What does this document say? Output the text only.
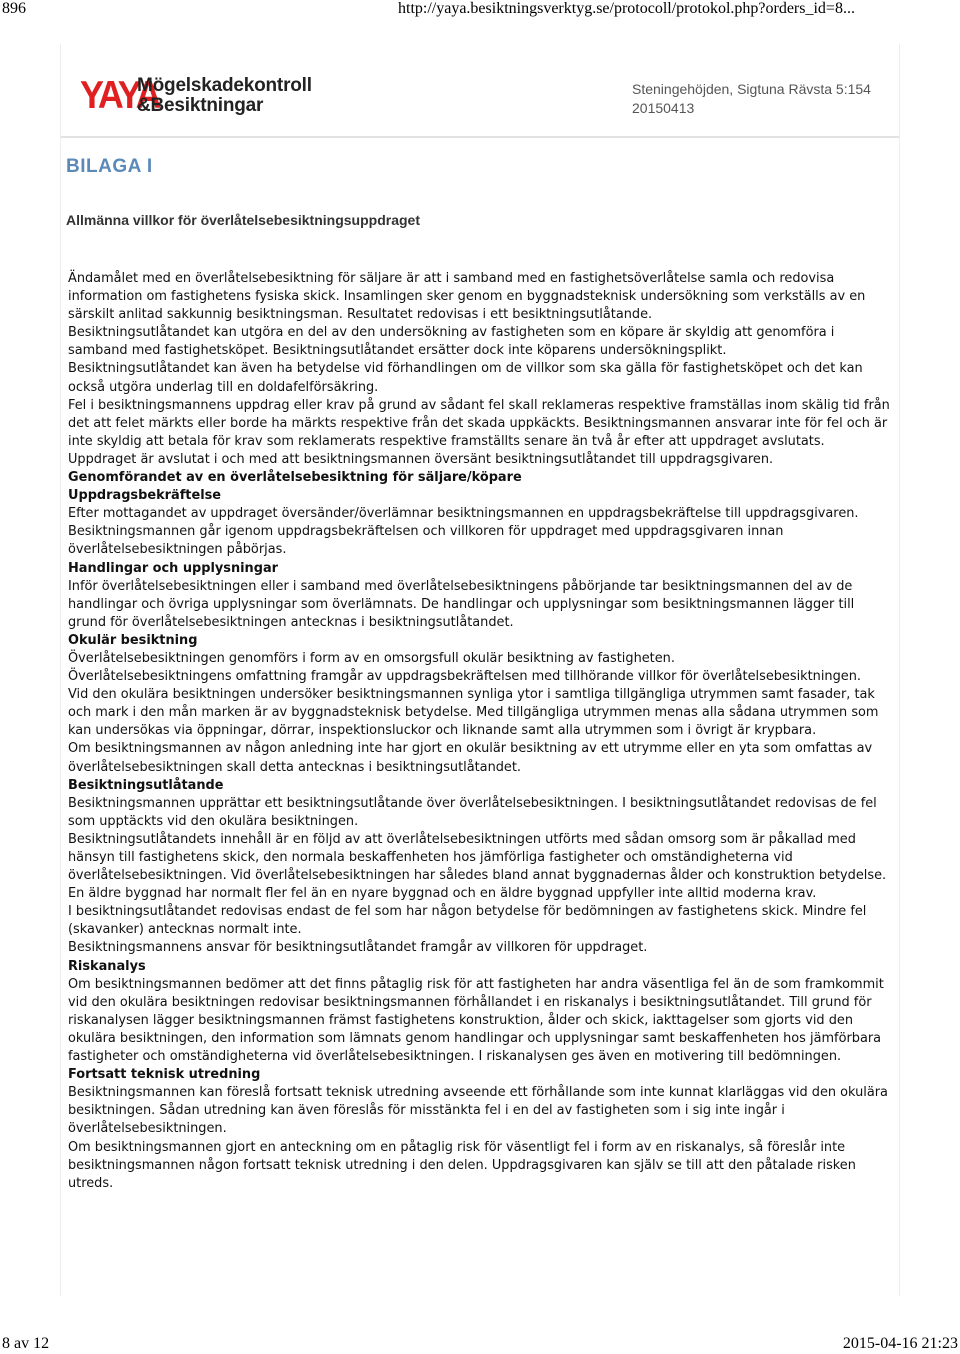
896	http://yaya.besiktningsverktyg.se/protocoll/protokol.php?orders_id=8...
YAYA
Mögelskadekontroll
&Besiktningar
Steningehöjden, Sigtuna Rävsta 5:154
20150413
BILAGA I
Allmänna villkor för överlåtelsebesiktningsuppdraget

Ändamålet med en överlåtelsebesiktning för säljare är att i samband med en fastighetsöverlåtelse samla och redovisa information om fastighetens fysiska skick. Insamlingen sker genom en byggnadsteknisk undersökning som verkställs av en särskilt anlitad sakkunnig besiktningsman. Resultatet redovisas i ett besiktningsutlåtande.

Besiktningsutlåtandet kan utgöra en del av den undersökning av fastigheten som en köpare är skyldig att genomföra i samband med fastighetsköpet. Besiktningsutlåtandet ersätter dock inte köparens undersökningsplikt.

Besiktningsutlåtandet kan även ha betydelse vid förhandlingen om de villkor som ska gälla för fastighetsköpet och det kan också utgöra underlag till en doldafelförsäkring.

Fel i besiktningsmannens uppdrag eller krav på grund av sådant fel skall reklameras respektive framställas inom skälig tid från det att felet märkts eller borde ha märkts respektive från det skada uppkäckts. Besiktningsmannen ansvarar inte för fel och är inte skyldig att betala för krav som reklamerats respektive framställts senare än två år efter att uppdraget avslutats. Uppdraget är avslutat i och med att besiktningsmannen översänt besiktningsutlåtandet till uppdragsgivaren.

Genomförandet av en överlåtelsebesiktning för säljare/köpare

Uppdragsbekräftelse

Efter mottagandet av uppdraget översänder/överlämnar besiktningsmannen en uppdragsbekräftelse till uppdragsgivaren. Besiktningsmannen går igenom uppdragsbekräftelsen och villkoren för uppdraget med uppdragsgivaren innan överlåtelsebesiktningen påbörjas.

Handlingar och upplysningar

Inför överlåtelsebesiktningen eller i samband med överlåtelsebesiktningens påbörjande tar besiktningsmannen del av de handlingar och övriga upplysningar som överlämnats. De handlingar och upplysningar som besiktningsmannen lägger till grund för överlåtelsebesiktningen antecknas i besiktningsutlåtandet.

Okulär besiktning

Överlåtelsebesiktningen genomförs i form av en omsorgsfull okulär besiktning av fastigheten.

Överlåtelsebesiktningens omfattning framgår av uppdragsbekräftelsen med tillhörande villkor för överlåtelsebesiktningen.

Vid den okulära besiktningen undersöker besiktningsmannen synliga ytor i samtliga tillgängliga utrymmen samt fasader, tak och mark i den mån marken är av byggnadsteknisk betydelse. Med tillgängliga utrymmen menas alla sådana utrymmen som kan undersökas via öppningar, dörrar, inspektionsluckor och liknande samt alla utrymmen som i övrigt är krypbara.

Om besiktningsmannen av någon anledning inte har gjort en okulär besiktning av ett utrymme eller en yta som omfattas av överlåtelsebesiktningen skall detta antecknas i besiktningsutlåtandet.

Besiktningsutlåtande

Besiktningsmannen upprättar ett besiktningsutlåtande över överlåtelsebesiktningen. I besiktningsutlåtandet redovisas de fel som upptäckts vid den okulära besiktningen.

Besiktningsutlåtandets innehåll är en följd av att överlåtelsebesiktningen utförts med sådan omsorg som är påkallad med hänsyn till fastighetens skick, den normala beskaffenheten hos jämförliga fastigheter och omständigheterna vid överlåtelsebesiktningen. Vid överlåtelsebesiktningen har således bland annat byggnadernas ålder och konstruktion betydelse. En äldre byggnad har normalt fler fel än en nyare byggnad och en äldre byggnad uppfyller inte alltid moderna krav.

I besiktningsutlåtandet redovisas endast de fel som har någon betydelse för bedömningen av fastighetens skick. Mindre fel (skavanker) antecknas normalt inte.

Besiktningsmannens ansvar för besiktningsutlåtandet framgår av villkoren för uppdraget.

Riskanalys

Om besiktningsmannen bedömer att det finns påtaglig risk för att fastigheten har andra väsentliga fel än de som framkommit vid den okulära besiktningen redovisar besiktningsmannen förhållandet i en riskanalys i besiktningsutlåtandet. Till grund för riskanalysen lägger besiktningsmannen främst fastighetens konstruktion, ålder och skick, iakttagelser som gjorts vid den okulära besiktningen, den information som lämnats genom handlingar och upplysningar samt beskaffenheten hos jämförbara fastigheter och omständigheterna vid överlåtelsebesiktningen. I riskanalysen ges även en motivering till bedömningen.

Fortsatt teknisk utredning

Besiktningsmannen kan föreslå fortsatt teknisk utredning avseende ett förhållande som inte kunnat klarläggas vid den okulära besiktningen. Sådan utredning kan även föreslås för misstänkta fel i en del av fastigheten som i sig inte ingår i överlåtelsebesiktningen.

Om besiktningsmannen gjort en anteckning om en påtaglig risk för väsentligt fel i form av en riskanalys, så föreslår inte besiktningsmannen någon fortsatt teknisk utredning i den delen. Uppdragsgivaren kan själv se till att den påtalade risken utreds.

8 av 12	2015-04-16 21:23
